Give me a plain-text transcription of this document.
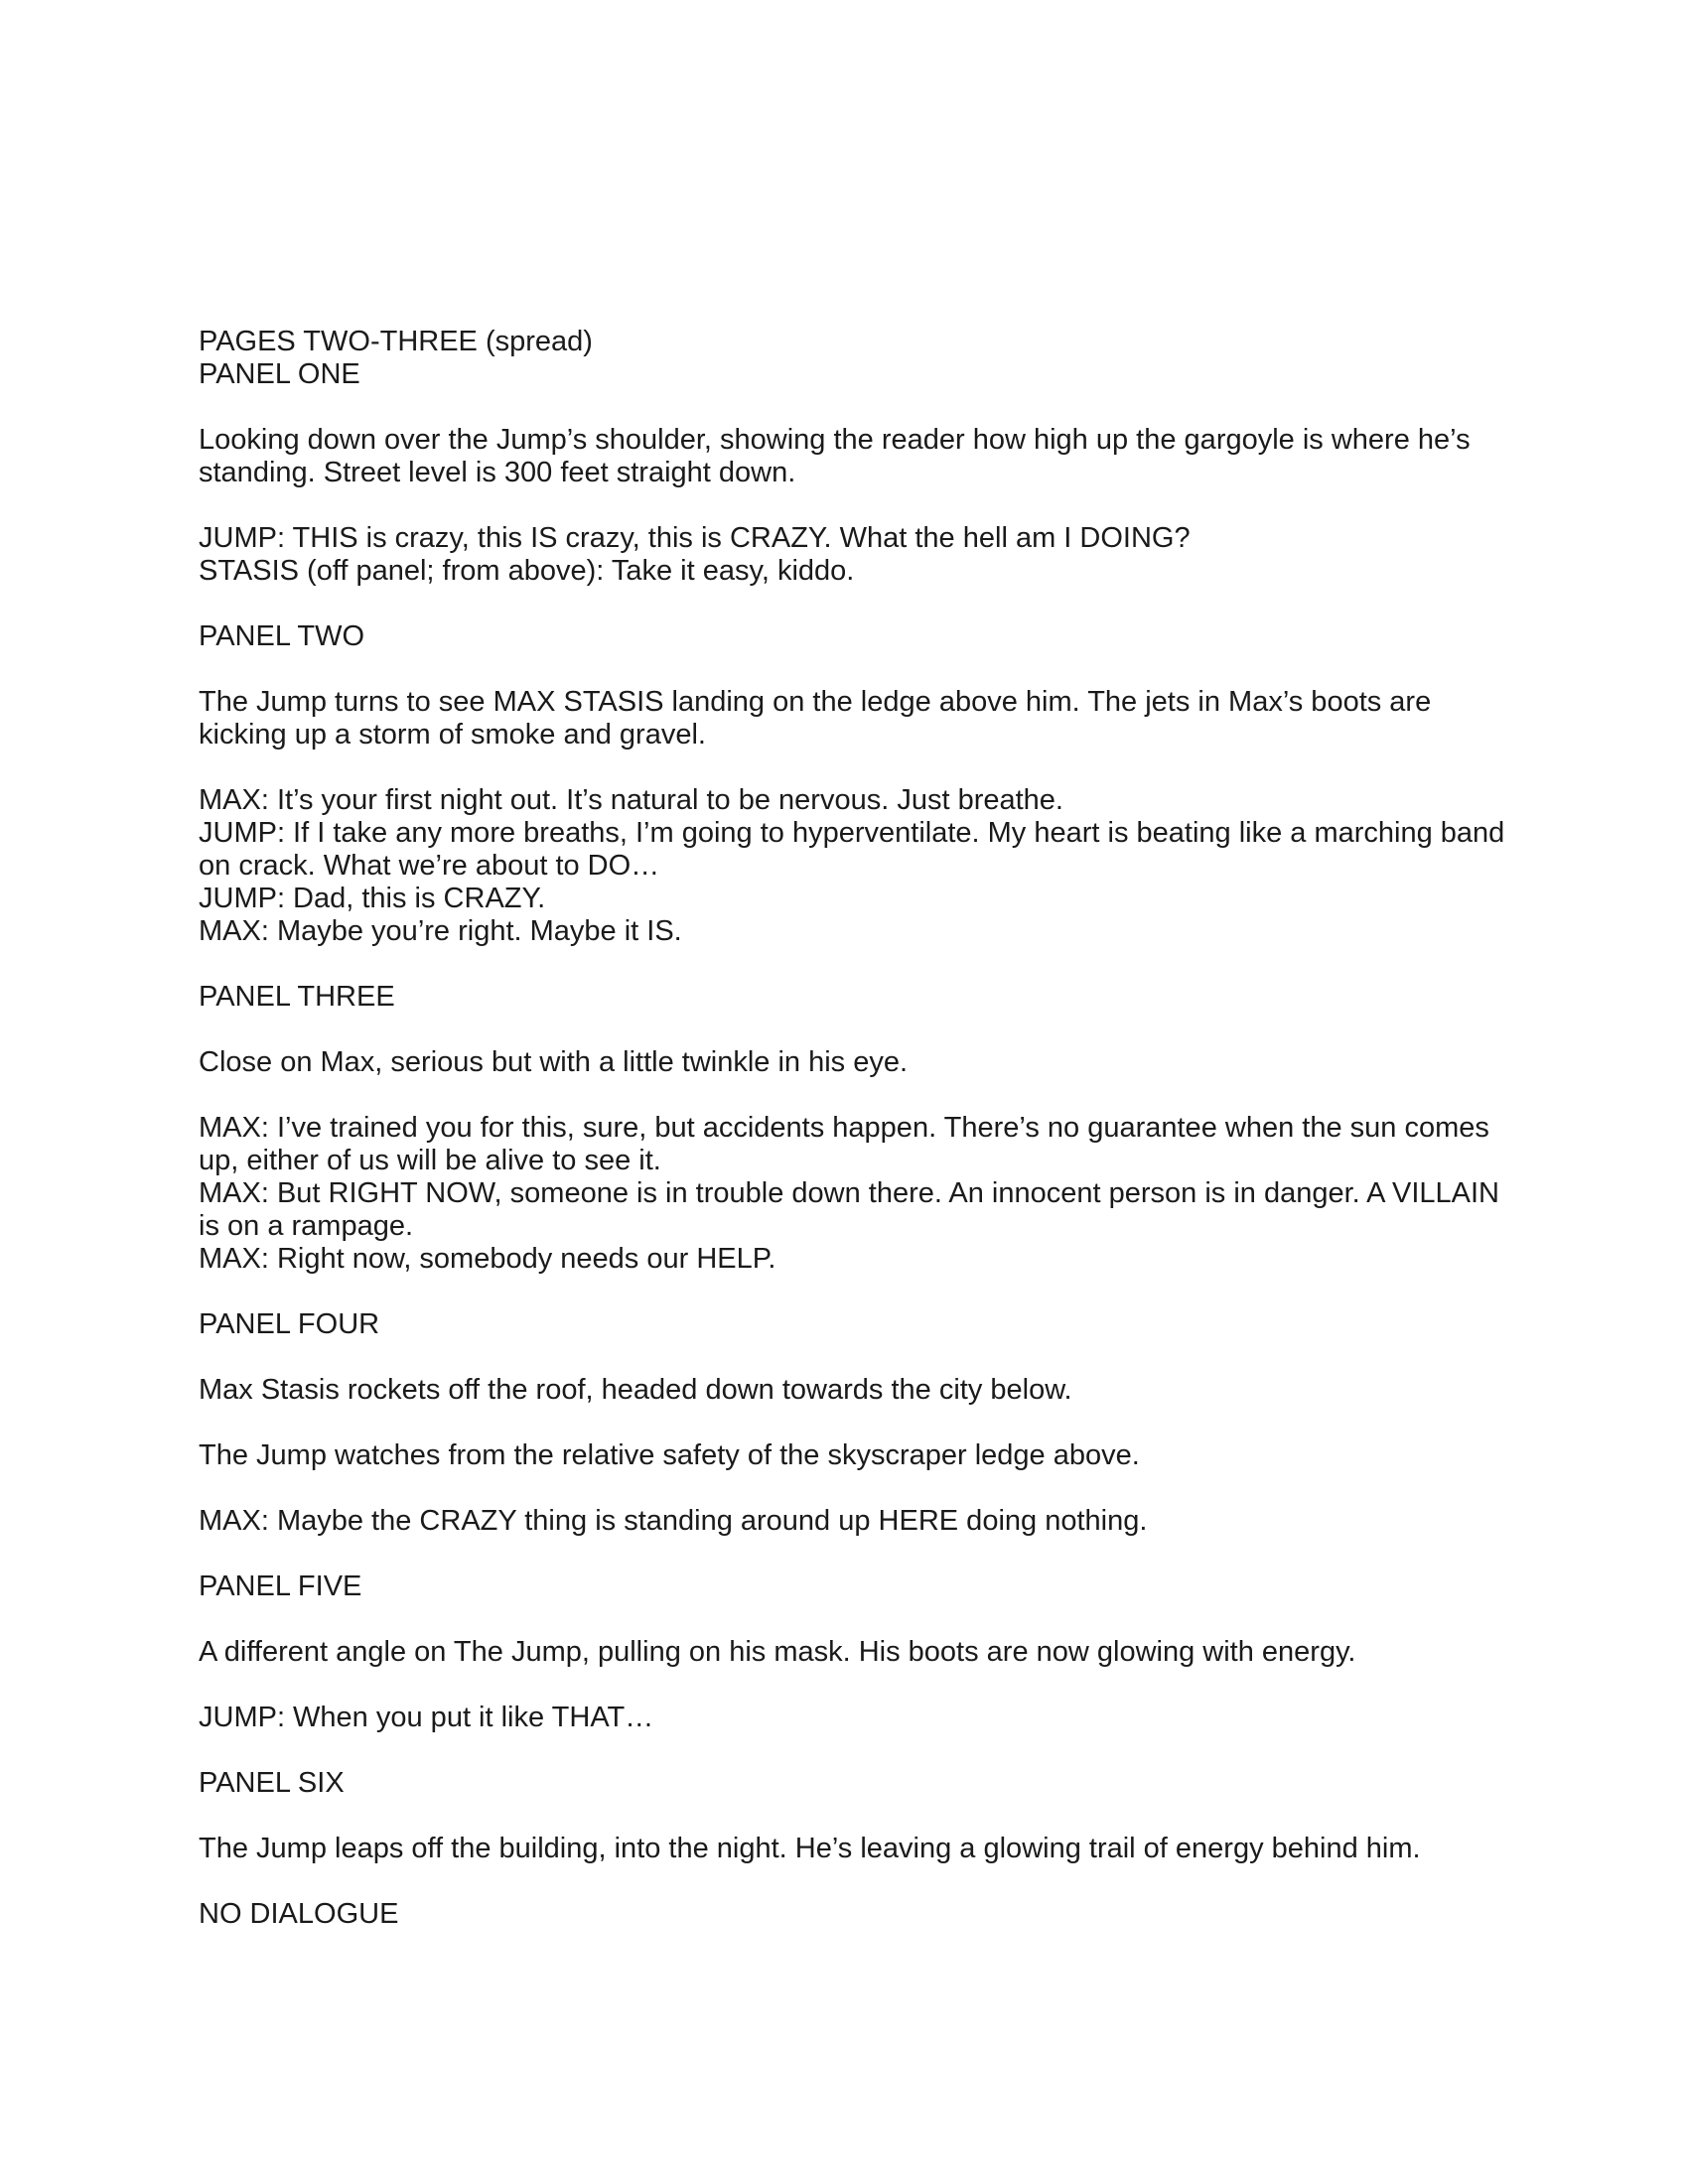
PAGES TWO-THREE (spread)

PANEL ONE

Looking down over the Jump’s shoulder, showing the reader how high up the gargoyle is where he’s standing. Street level is 300 feet straight down.

JUMP: THIS is crazy, this IS crazy, this is CRAZY. What the hell am I DOING?

STASIS (off panel; from above): Take it easy, kiddo.

PANEL TWO

The Jump turns to see MAX STASIS landing on the ledge above him. The jets in Max’s boots are kicking up a storm of smoke and gravel.

MAX: It’s your first night out. It’s natural to be nervous. Just breathe.

JUMP: If I take any more breaths, I’m going to hyperventilate. My heart is beating like a marching band on crack. What we’re about to DO…

JUMP: Dad, this is CRAZY.

MAX: Maybe you’re right. Maybe it IS.

PANEL THREE

Close on Max, serious but with a little twinkle in his eye.

MAX: I’ve trained you for this, sure, but accidents happen. There’s no guarantee when the sun comes up, either of us will be alive to see it.

MAX: But RIGHT NOW, someone is in trouble down there. An innocent person is in danger. A VILLAIN is on a rampage.

MAX: Right now, somebody needs our HELP.

PANEL FOUR

Max Stasis rockets off the roof, headed down towards the city below.

The Jump watches from the relative safety of the skyscraper ledge above.

MAX: Maybe the CRAZY thing is standing around up HERE doing nothing.

PANEL FIVE

A different angle on The Jump, pulling on his mask. His boots are now glowing with energy.

JUMP: When you put it like THAT…

PANEL SIX

The Jump leaps off the building, into the night. He’s leaving a glowing trail of energy behind him.

NO DIALOGUE
